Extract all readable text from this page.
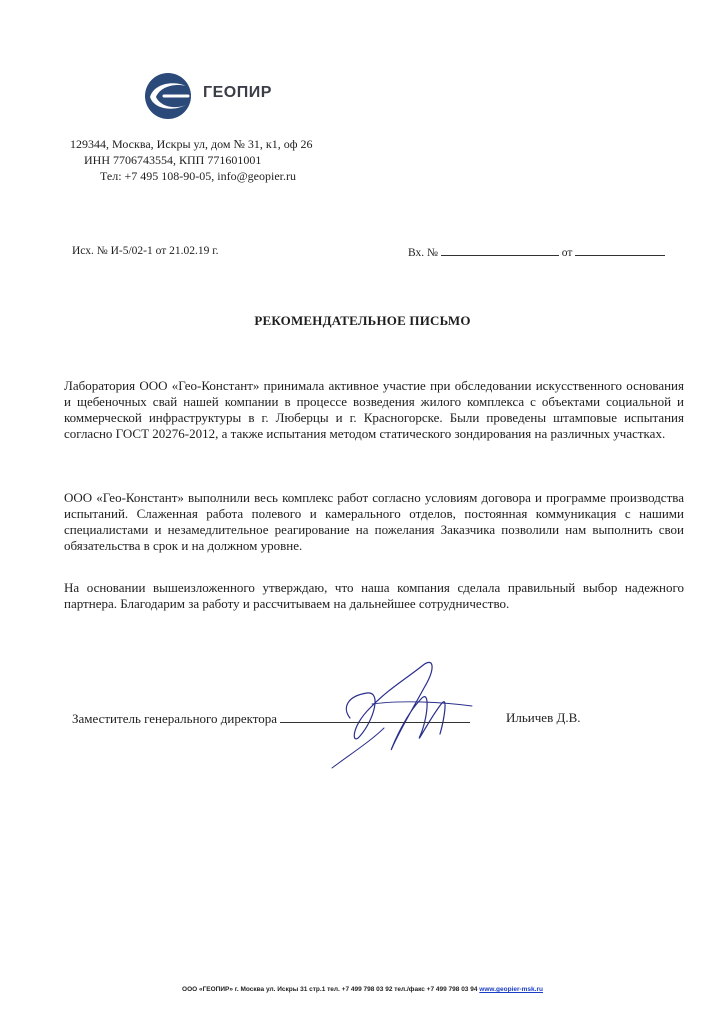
ГЕОПИР
129344, Москва, Искры ул, дом № 31, к1, оф 26
ИНН 7706743554, КПП 771601001
Тел: +7 495 108-90-05, info@geopier.ru
Исх. № И-5/02-1 от 21.02.19 г.	Вх. №	от
РЕКОМЕНДАТЕЛЬНОЕ ПИСЬМО

Лаборатория ООО «Гео-Констант» принимала активное участие при обследовании искусственного основания и щебеночных свай нашей компании в процессе возведения жилого комплекса с объектами социальной и коммерческой инфраструктуры в г. Люберцы и г. Красногорске. Были проведены штамповые испытания согласно ГОСТ 20276-2012, а также испытания методом статического зондирования на различных участках.

ООО «Гео-Констант» выполнили весь комплекс работ согласно условиям договора и программе производства испытаний. Слаженная работа полевого и камерального отделов, постоянная коммуникация с нашими специалистами и незамедлительное реагирование на пожелания Заказчика позволили нам выполнить свои обязательства в срок и на должном уровне.

На основании вышеизложенного утверждаю, что наша компания сделала правильный выбор надежного партнера. Благодарим за работу и рассчитываем на дальнейшее сотрудничество.

Заместитель генерального директора	Ильичев Д.В.
ООО «ГЕОПИР» г. Москва ул. Искры 31 стр.1 тел. +7 499 798 03 92 тел./факс +7 499 798 03 94 www.geopier-msk.ru
